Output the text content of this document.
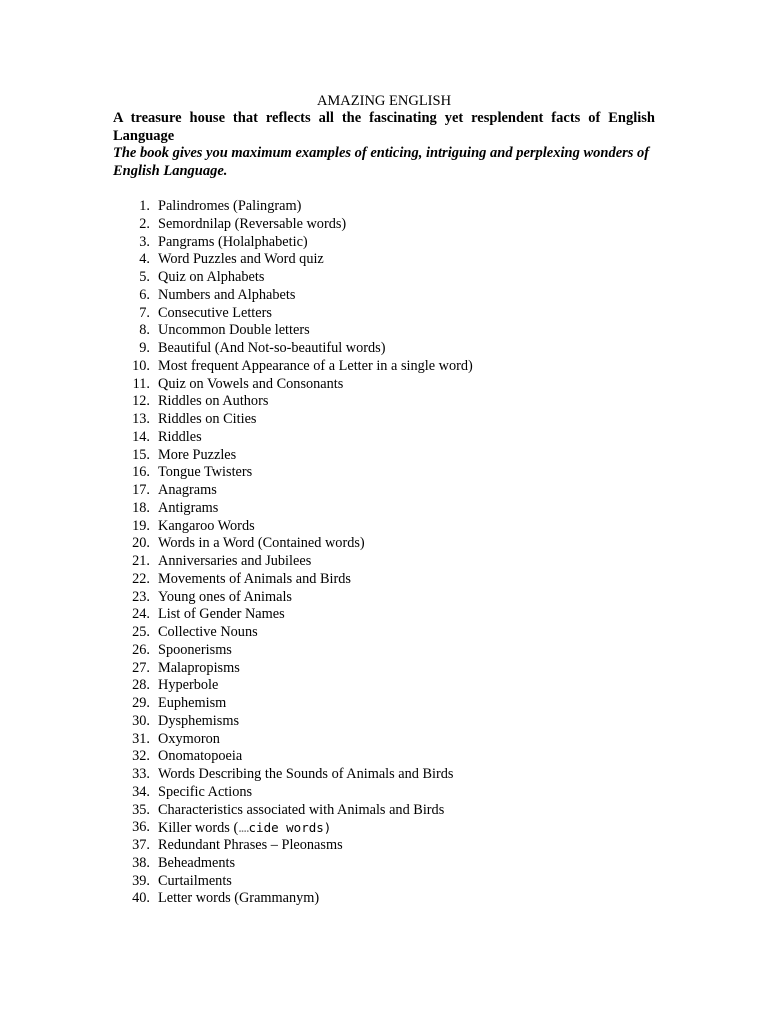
AMAZING ENGLISH

A treasure house that reflects all the fascinating yet resplendent facts of English Language

The book gives you maximum examples of enticing, intriguing and perplexing wonders of English Language.

1. Palindromes (Palingram)
2. Semordnilap (Reversable words)
3. Pangrams (Holalphabetic)
4. Word Puzzles and Word quiz
5. Quiz on Alphabets
6. Numbers and Alphabets
7. Consecutive Letters
8. Uncommon Double letters
9. Beautiful (And Not-so-beautiful words)
10. Most frequent Appearance of a Letter in a single word)
11. Quiz on Vowels and Consonants
12. Riddles on Authors
13. Riddles on Cities
14. Riddles
15. More Puzzles
16. Tongue Twisters
17. Anagrams
18. Antigrams
19. Kangaroo Words
20. Words in a Word (Contained words)
21. Anniversaries and Jubilees
22. Movements of Animals and Birds
23. Young ones of Animals
24. List of Gender Names
25. Collective Nouns
26. Spoonerisms
27. Malapropisms
28. Hyperbole
29. Euphemism
30. Dysphemisms
31. Oxymoron
32. Onomatopoeia
33. Words Describing the Sounds of Animals and Birds
34. Specific Actions
35. Characteristics associated with Animals and Birds
36. Killer words (....cide words)
37. Redundant Phrases – Pleonasms
38. Beheadments
39. Curtailments
40. Letter words (Grammanym)
